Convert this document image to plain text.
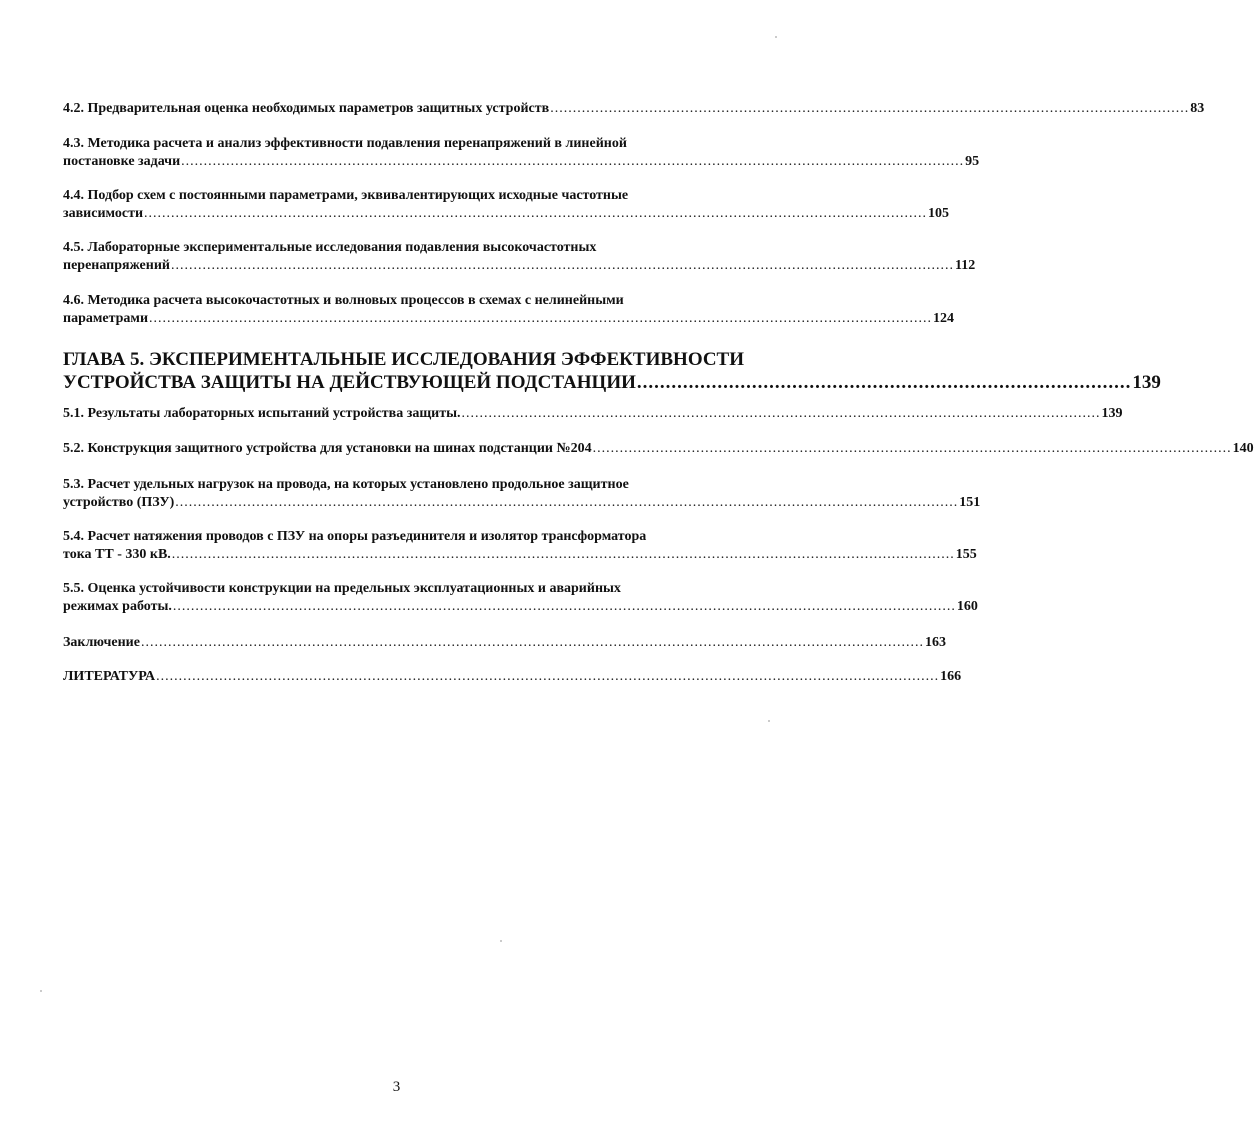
4.2. Предварительная оценка необходимых параметров защитных устройств .............................................................................................................................................. 83
4.3. Методика расчета и анализ эффективности подавления перенапряжений в линейной
постановке задачи .............................................................................................................................................................................. 95
4.4. Подбор схем с постоянными параметрами, эквивалентирующих исходные частотные
зависимости .............................................................................................................................................................................. 105
4.5. Лабораторные экспериментальные исследования подавления высокочастотных
перенапряжений .............................................................................................................................................................................. 112
4.6. Методика расчета высокочастотных и волновых процессов в схемах с нелинейными
параметрами .............................................................................................................................................................................. 124
ГЛАВА 5. ЭКСПЕРИМЕНТАЛЬНЫЕ ИССЛЕДОВАНИЯ ЭФФЕКТИВНОСТИ
УСТРОЙСТВА ЗАЩИТЫ НА ДЕЙСТВУЮЩЕЙ ПОДСТАНЦИИ ...................................................................................... 139
5.1. Результаты лабораторных испытаний устройства защиты. .............................................................................................................................................. 139
5.2. Конструкция защитного устройства для установки на шинах подстанции №204 .............................................................................................................................................. 140
5.3. Расчет удельных нагрузок на провода, на которых установлено продольное защитное
устройство (ПЗУ) .............................................................................................................................................................................. 151
5.4. Расчет натяжения проводов с ПЗУ на опоры разъединителя и изолятор трансформатора
тока ТТ - 330 кВ. .............................................................................................................................................................................. 155
5.5. Оценка устойчивости конструкции на предельных эксплуатационных и аварийных
режимах работы. .............................................................................................................................................................................. 160
Заключение .............................................................................................................................................................................. 163
ЛИТЕРАТУРА .............................................................................................................................................................................. 166
3
